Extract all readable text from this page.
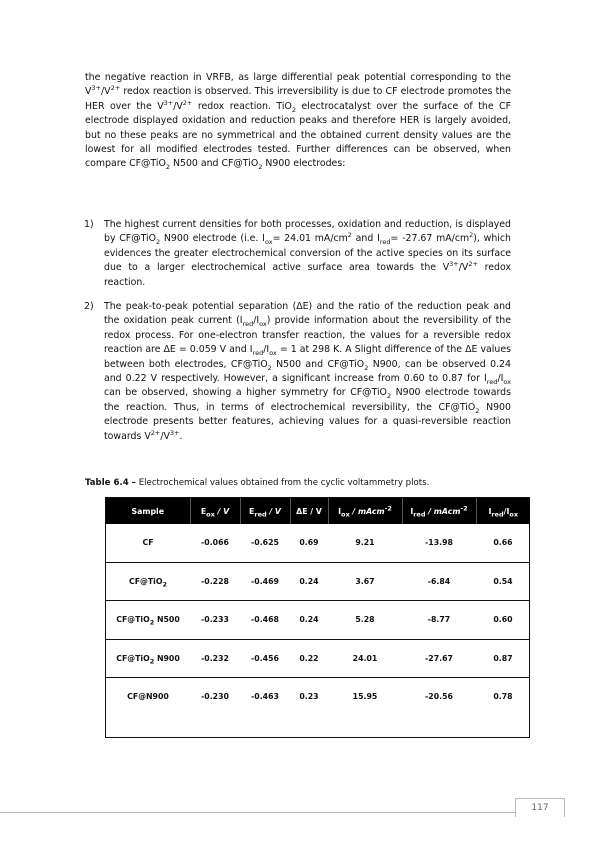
the negative reaction in VRFB, as large differential peak potential corresponding to the $V^{3+}/V^{2+}$ redox reaction is observed. This irreversibility is due to CF electrode promotes the HER over the $V^{3+}/V^{2+}$ redox reaction. TiO$_2$ electrocatalyst over the surface of the CF electrode displayed oxidation and reduction peaks and therefore HER is largely avoided, but no these peaks are no symmetrical and the obtained current density values are the lowest for all modified electrodes tested. Further differences can be observed, when compare CF@TiO$_2$ N500 and CF@TiO$_2$ N900 electrodes:

1) The highest current densities for both processes, oxidation and reduction, is displayed by CF@TiO$_2$ N900 electrode (i.e. $I_{ox}= 24.01$ $mA/cm^2$ and $I_{red}= -27.67$ $mA/cm^2$), which evidences the greater electrochemical conversion of the active species on its surface due to a larger electrochemical active surface area towards the $V^{3+}/V^{2+}$ redox reaction.

2) The peak-to-peak potential separation (ΔE) and the ratio of the reduction peak and the oxidation peak current $(I_{red}/I_{ox})$ provide information about the reversibility of the redox process. For one-electron transfer reaction, the values for a reversible redox reaction are ΔE = 0.059 V and $I_{red}/I_{ox} = 1$ at 298 K. A Slight difference of the ΔE values between both electrodes, CF@TiO$_2$ N500 and CF@TiO$_2$ N900, can be observed 0.24 and 0.22 V respectively. However, a significant increase from 0.60 to 0.87 for $I_{red}/I_{ox}$ can be observed, showing a higher symmetry for CF@TiO$_2$ N900 electrode towards the reaction. Thus, in terms of electrochemical reversibility, the CF@TiO$_2$ N900 electrode presents better features, achieving values for a quasi-reversible reaction towards $V^{2+}/V^{3+}$.

Table 6.4 – Electrochemical values obtained from the cyclic voltammetry plots.

Sample	$E_{ox}$ / V	$E_{red}$ / V	ΔE / V	$I_{ox}$ / mAcm$^{-2}$	$I_{red}$ / mAcm$^{-2}$	$I_{red}/I_{ox}$
CF	-0.066	-0.625	0.69	9.21	-13.98	0.66
CF@TiO$_2$	-0.228	-0.469	0.24	3.67	-6.84	0.54
CF@TiO$_2$ N500	-0.233	-0.468	0.24	5.28	-8.77	0.60
CF@TiO$_2$ N900	-0.232	-0.456	0.22	24.01	-27.67	0.87
CF@N900	-0.230	-0.463	0.23	15.95	-20.56	0.78
117
